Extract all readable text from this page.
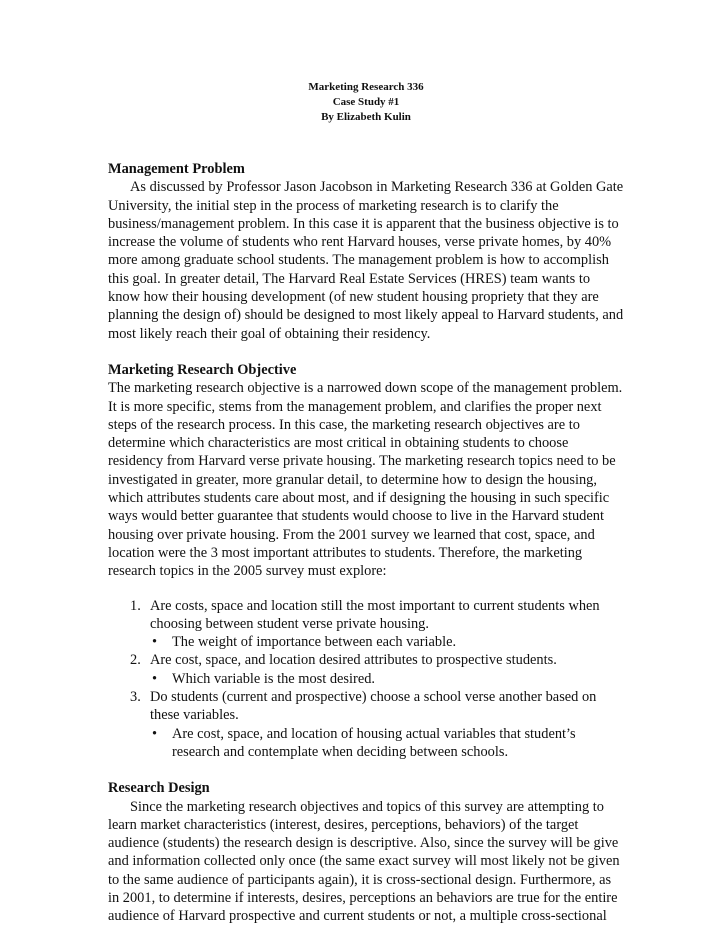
Marketing Research 336
Case Study #1
By Elizabeth Kulin

Management Problem

As discussed by Professor Jason Jacobson in Marketing Research 336 at Golden Gate University, the initial step in the process of marketing research is to clarify the business/management problem. In this case it is apparent that the business objective is to increase the volume of students who rent Harvard houses, verse private homes, by 40% more among graduate school students. The management problem is how to accomplish this goal. In greater detail, The Harvard Real Estate Services (HRES) team wants to know how their housing development (of new student housing propriety that they are planning the design of) should be designed to most likely appeal to Harvard students, and most likely reach their goal of obtaining their residency.

Marketing Research Objective

The marketing research objective is a narrowed down scope of the management problem. It is more specific, stems from the management problem, and clarifies the proper next steps of the research process. In this case, the marketing research objectives are to determine which characteristics are most critical in obtaining students to choose residency from Harvard verse private housing. The marketing research topics need to be investigated in greater, more granular detail, to determine how to design the housing, which attributes students care about most, and if designing the housing in such specific ways would better guarantee that students would choose to live in the Harvard student housing over private housing. From the 2001 survey we learned that cost, space, and location were the 3 most important attributes to students. Therefore, the marketing research topics in the 2005 survey must explore:

1. Are costs, space and location still the most important to current students when choosing between student verse private housing.
• The weight of importance between each variable.
2. Are cost, space, and location desired attributes to prospective students.
• Which variable is the most desired.
3. Do students (current and prospective) choose a school verse another based on these variables.
• Are cost, space, and location of housing actual variables that student’s research and contemplate when deciding between schools.

Research Design

Since the marketing research objectives and topics of this survey are attempting to learn market characteristics (interest, desires, perceptions, behaviors) of the target audience (students) the research design is descriptive. Also, since the survey will be give and information collected only once (the same exact survey will most likely not be given to the same audience of participants again), it is cross-sectional design. Furthermore, as in 2001, to determine if interests, desires, perceptions an behaviors are true for the entire audience of Harvard prospective and current students or not, a multiple cross-sectional
